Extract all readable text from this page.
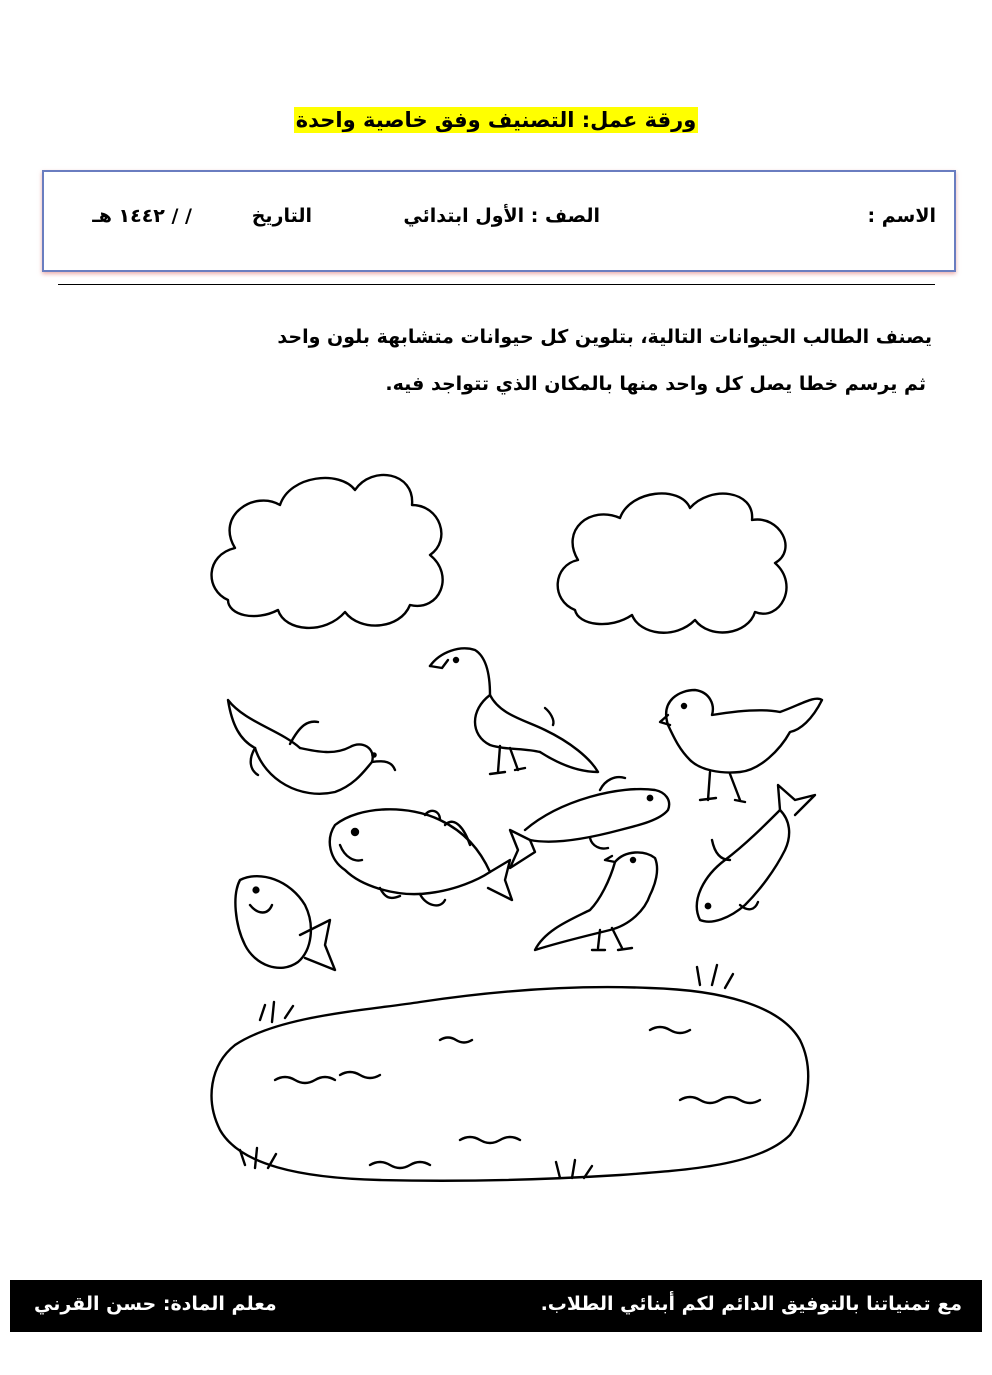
ورقة عمل: التصنيف وفق خاصية واحدة
الاسم :
الصف : الأول ابتدائي
التاريخ
/ / ١٤٤٢ هـ
يصنف الطالب الحيوانات التالية، بتلوين كل حيوانات متشابهة بلون واحد
ثم يرسم خطا يصل كل واحد منها بالمكان الذي تتواجد فيه.
مع تمنياتنا بالتوفيق الدائم لكم أبنائي الطلاب.
معلم المادة: حسن القرني
